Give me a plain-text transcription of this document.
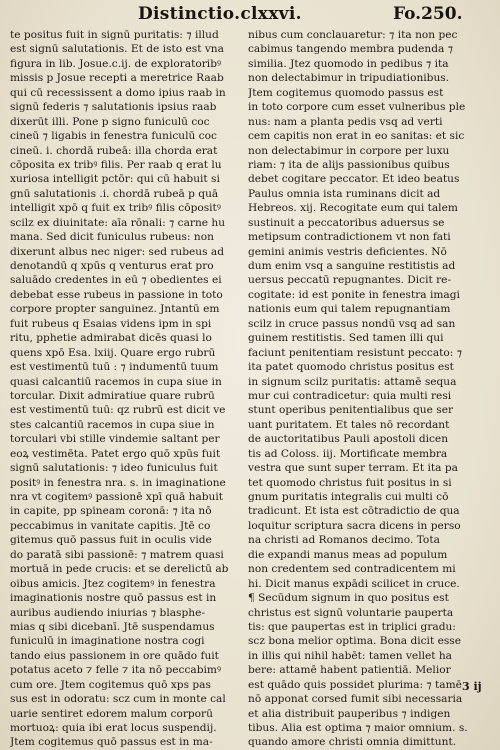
Distinctio.clxxvi.	Fo.250.
te positus fuit in signū puritatis: ⁊ illud
est signū salutationis. Et de isto est vna
figura in lib. Josue.c.ij. de exploratoribꝰ
missis p Josue recepti a meretrice Raab
qui cū recessissent a domo ipius raab in
signū federis ⁊ salutationis ipsius raab
dixerūt illi. Pone p signo funiculū coc
cineū ⁊ ligabis in fenestra funiculū coc
cineū. i. chordā rubeā: illa chorda erat
cōposita ex tribꝰ filis. Per raab q erat lu
xuriosa intelligit pctōr: qui cū habuit si
gnū salutationis .i. chordā rubeā p quā
intelligit xpō q fuit ex tribꝰ filis cōpositꝰ
scilz ex diuinitate: aīa rōnali: ⁊ carne hu
mana. Sed dicit funiculus rubeus: non
dixerunt albus nec niger: sed rubeus ad
denotandū q xpūs q venturus erat pro
saluādo credentes in eū ⁊ obedientes ei
debebat esse rubeus in passione in toto
corpore propter sanguinez. Jntantū em
fuit rubeus q Esaias videns ipm in spi
ritu, pphetie admirabat dicēs quasi lo
quens xpō Esa. lxiij. Quare ergo rubrū
est vestimentū tuū : ⁊ indumentū tuum
quasi calcantiū racemos in cupa siue in
torcular. Dixit admiratiue quare rubrū
est vestimentū tuū: qz rubrū est dicit ve
stes calcantiū racemos in cupa siue in
torculari vbi stille vindemie saltant per
eoꝝ vestimēta. Patet ergo quō xpūs fuit
signū salutationis: ⁊ ideo funiculus fuit
positꝰ in fenestra nra. s. in imaginatione
nra vt cogitemꝰ passionē xpī quā habuit
in capite, pp spineam coronā: ⁊ ita nō
peccabimus in vanitate capitis. Jtē co
gitemus quō passus fuit in oculis vide
do paratā sibi passionē: ⁊ matrem quasi
mortuā in pede crucis: et se derelictū ab
oibus amicis. Jtez cogitemꝰ in fenestra
imaginationis nostre quō passus est in
auribus audiendo iniurias ⁊ blasphe-
mias q sibi dicebanī. Jtē suspendamus
funiculū in imaginatione nostra cogi
tando eius passionem in ore quādo fuit
potatus aceto ⁊ felle ⁊ ita nō peccabimꝰ
cum ore. Jtem cogitemus quō xps pas
sus est in odoratu: scz cum in monte cal
uarie sentiret edorem malum corporū
mortuoꝝ: quia ibi erat locus suspendij.
Jtem cogitemus quō passus est in ma-
nibus cum conclauaretur: ⁊ ita non pec
cabimus tangendo membra pudenda ⁊
similia. Jtez quomodo in pedibus ⁊ ita
non delectabimur in tripudiationibus.
Jtem cogitemus quomodo passus est
in toto corpore cum esset vulneribus ple
nus: nam a planta pedis vsq ad verti
cem capitis non erat in eo sanitas: et sic
non delectabimur in corpore per luxu
riam: ⁊ ita de alijs passionibus quibus
debet cogitare peccator. Et ideo beatus
Paulus omnia ista ruminans dicit ad
Hebreos. xij. Recogitate eum qui talem
sustinuit a peccatoribus aduersus se
metipsum contradictionem vt non fati
gemini animis vestris deficientes. Nō
dum enim vsq a sanguine restitistis ad
uersus peccatū repugnantes. Dicit re-
cogitate: id est ponite in fenestra imagi
nationis eum qui talem repugnantiam
scilz in cruce passus nondū vsq ad san
guinem restitistis. Sed tamen illi qui
faciunt penitentiam resistunt peccato: ⁊
ita patet quomodo christus positus est
in signum scilz puritatis: attamē sequa
mur cui contradicetur: quia multi resi
stunt operibus penitentialibus que ser
uant puritatem. Et tales nō recordant
de auctoritatibus Pauli apostoli dicen
tis ad Coloss. iij. Mortificate membra
vestra que sunt super terram. Et ita pa
tet quomodo christus fuit positus in si
gnum puritatis integralis cui multi cō
tradicunt. Et ista est cōtradictio de qua
loquitur scriptura sacra dicens in perso
na christi ad Romanos decimo. Tota
die expandi manus meas ad populum
non credentem sed contradicentem mi
hi. Dicit manus expādi scilicet in cruce.
¶ Secūdum signum in quo positus est
christus est signū voluntarie pauperta
tis: que paupertas est in triplici gradu:
scz bona melior optima. Bona dicit esse
in illis qui nihil habēt: tamen vellet ha
bere: attamē habent patientiā. Melior
est quādo quis possidet plurima: ⁊ tamē
nō apponat corsed fumit sibi necessaria
et alia distribuit pauperibus ⁊ indigen
tibus. Alia est optima ⁊ maior omnium. s.
quando amore christi omnia dimittunt.
3 ij
